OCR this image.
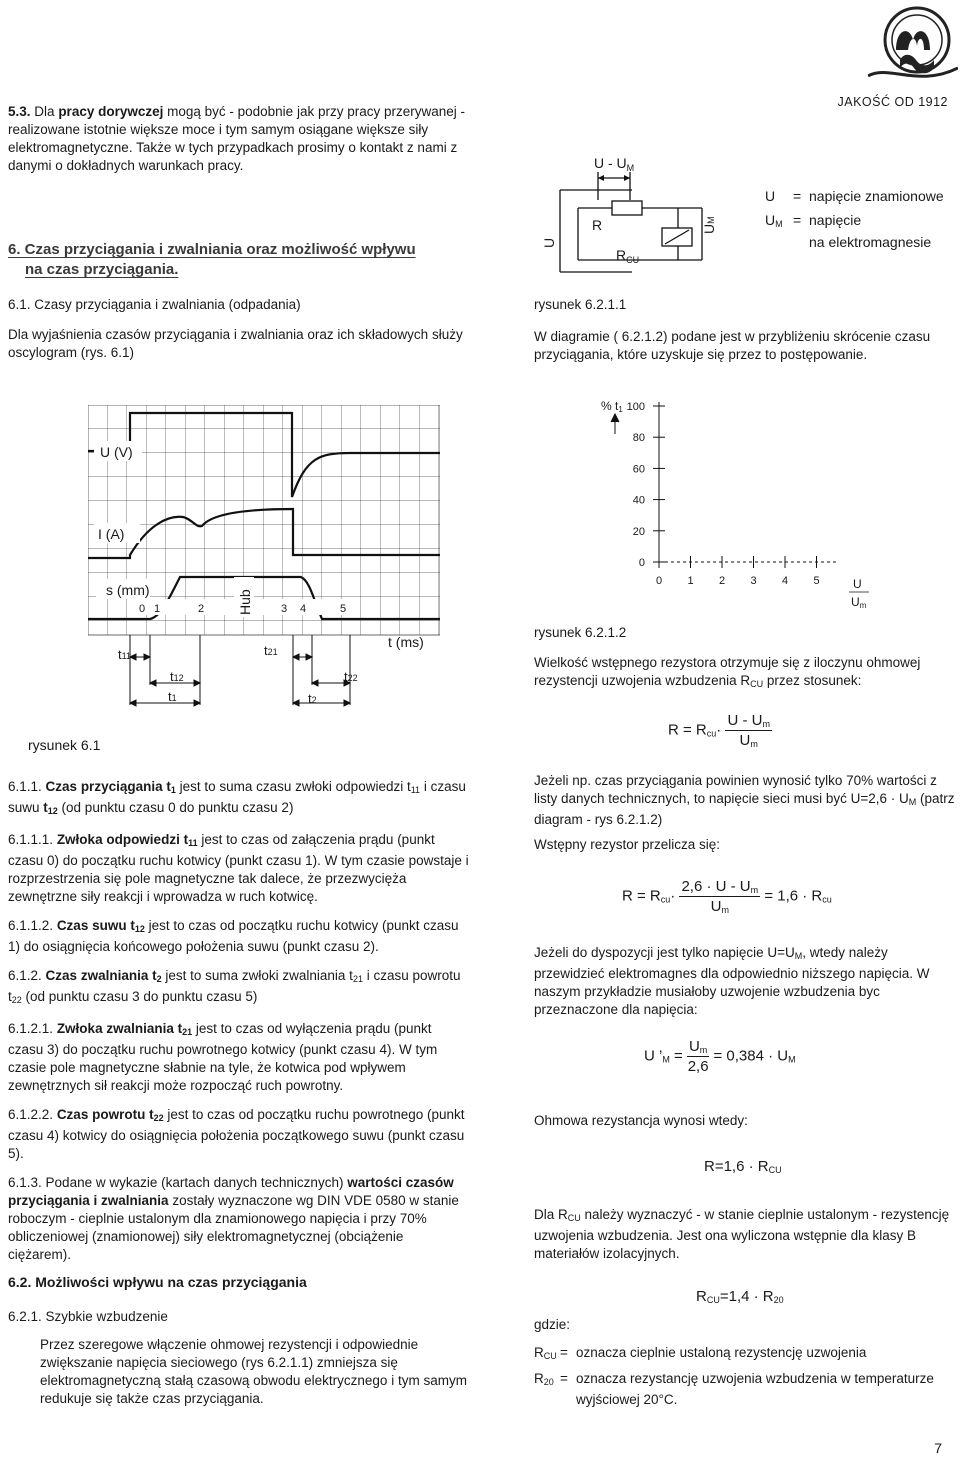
JAKOŚĆ OD 1912

5.3. Dla pracy dorywczej mogą być - podobnie jak przy pracy przerywanej - realizowane istotnie większe moce i tym samym osiągane większe siły elektromagnetyczne. Także w tych przypadkach prosimy o kontakt z nami z danymi o dokładnych warunkach pracy.

6. Czas przyciągania i zwalniania oraz możliwość wpływu
na czas przyciągania.

6.1. Czasy przyciągania i zwalniania (odpadania)

Dla wyjaśnienia czasów przyciągania i zwalniania oraz ich składowych służy oscylogram (rys. 6.1)

U (V)
I (A)
s (mm)
0 1	2	3 4	5
Hub
t11
t12
t1
t21
t22
t2
t (ms)
rysunek 6.1

6.1.1. Czas przyciągania $t_1$ jest to suma czasu zwłoki odpowiedzi $t_{11}$ i czasu suwu $t_{12}$ (od punktu czasu 0 do punktu czasu 2)

6.1.1.1. Zwłoka odpowiedzi $t_{11}$ jest to czas od załączenia prądu (punkt czasu 0) do początku ruchu kotwicy (punkt czasu 1). W tym czasie powstaje i rozprzestrzenia się pole magnetyczne tak dalece, że przezwycięża zewnętrzne siły reakcji i wprowadza w ruch kotwicę.

6.1.1.2. Czas suwu $t_{12}$ jest to czas od początku ruchu kotwicy (punkt czasu 1) do osiągnięcia końcowego położenia suwu (punkt czasu 2).

6.1.2. Czas zwalniania $t_2$ jest to suma zwłoki zwalniania $t_{21}$ i czasu powrotu $t_{22}$ (od punktu czasu 3 do punktu czasu 5)

6.1.2.1. Zwłoka zwalniania $t_{21}$ jest to czas od wyłączenia prądu (punkt czasu 3) do początku ruchu powrotnego kotwicy (punkt czasu 4). W tym czasie pole magnetyczne słabnie na tyle, że kotwica pod wpływem zewnętrznych sił reakcji może rozpocząć ruch powrotny.

6.1.2.2. Czas powrotu $t_{22}$ jest to czas od początku ruchu powrotnego (punkt czasu 4) kotwicy do osiągnięcia położenia początkowego suwu (punkt czasu 5).

6.1.3. Podane w wykazie (kartach danych technicznych) wartości czasów przyciągania i zwalniania zostały wyznaczone wg DIN VDE 0580 w stanie roboczym - cieplnie ustalonym dla znamionowego napięcia i przy 70% obliczeniowej (znamionowej) siły elektromagnetycznej (obciążenie ciężarem).

6.2. Możliwości wpływu na czas przyciągania
6.2.1. Szybkie wzbudzenie

Przez szeregowe włączenie ohmowej rezystencji i odpowiednie zwiększanie napięcia sieciowego (rys 6.2.1.1) zmniejsza się elektromagnetyczną stałą czasową obwodu elektrycznego i tym samym redukuje się także czas przyciągania.

U
UM
U - $U_M$
R
$R_{CU}$
U	= napięcie znamionowe
$U_M$ = napięcie
na elektromagnesie
rysunek 6.2.1.1

W diagramie ( 6.2.1.2) podane jest w przybliżeniu skrócenie czasu przyciągania, które uzyskuje się przez to postępowanie.

0
20
40
60
80
100
0 1 2 3 4 5
% t1
U
Um
rysunek 6.2.1.2

Wielkość wstępnego rezystora otrzymuje się z iloczynu ohmowej rezystencji uzwojenia wzbudzenia $R_{CU}$ przez stosunek:

$R = R_{cu}\cdot \frac{U - U_m}{U_m}$

Jeżeli np. czas przyciągania powinien wynosić tylko 70% wartości z listy danych technicznych, to napięcie sieci musi być $U=2,6 \cdot U_M$ (patrz diagram - rys 6.2.1.2)

Wstępny rezystor przelicza się:

$R = R_{cu}\cdot \frac{2,6 \cdot U - U_m}{U_m} = 1,6 \cdot R_{cu}$

Jeżeli do dyspozycji jest tylko napięcie $U=U_M$, wtedy należy przewidzieć elektromagnes dla odpowiednio niższego napięcia. W naszym przykładzie musiałoby uzwojenie wzbudzenia byc przeznaczone dla napięcia:

U $’_M = \frac{U_m}{2,6} = 0,384 \cdot U_M$

Ohmowa rezystancja wynosi wtedy:

$R=1,6 \cdot R_{CU}$

Dla $R_{CU}$ należy wyznaczyć - w stanie cieplnie ustalonym - rezystencję uzwojenia wzbudzenia. Jest ona wyliczona wstępnie dla klasy B materiałów izolacyjnych.

$R_{CU}=1,4 \cdot R_{20}$
gdzie:
$R_{CU}$ = oznacza cieplnie ustaloną rezystencję uzwojenia
$R_{20}$ = oznacza rezystancję uzwojenia wzbudzenia w temperaturze
wyjściowej 20°C.
7
